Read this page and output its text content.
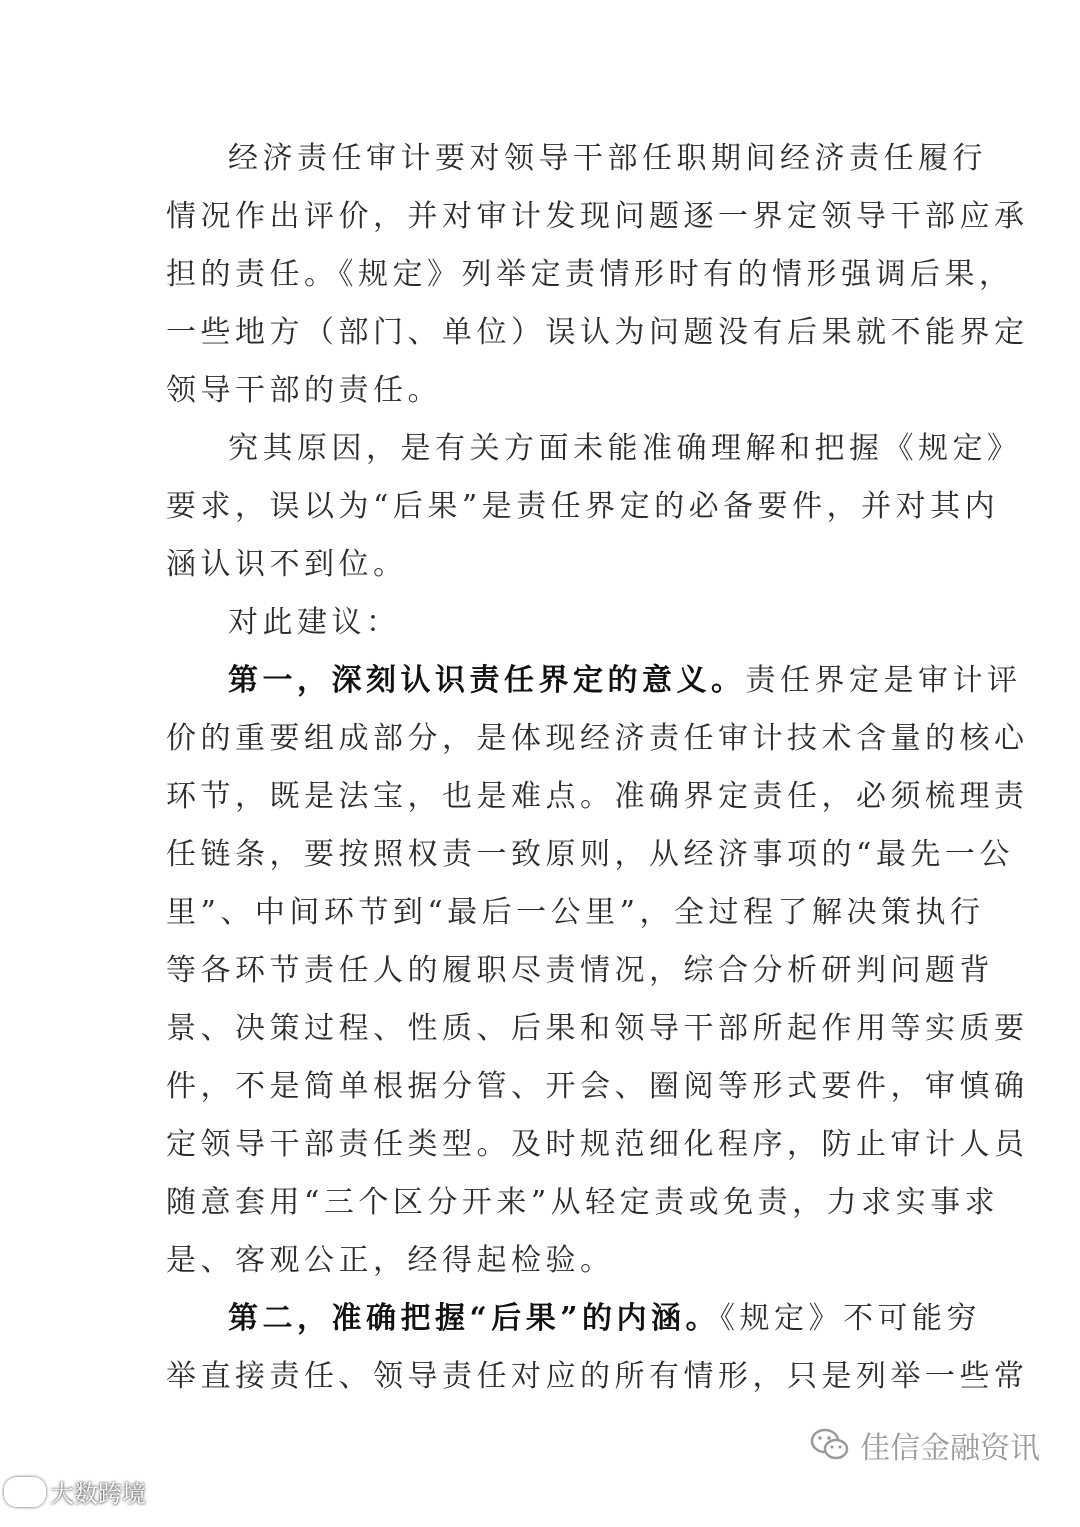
经济责任审计要对领导干部任职期间经济责任履行
情况作出评价，并对审计发现问题逐一界定领导干部应承
担的责任。《规定》列举定责情形时有的情形强调后果，
一些地方（部门、单位）误认为问题没有后果就不能界定
领导干部的责任。
究其原因，是有关方面未能准确理解和把握《规定》
要求，误以为“后果”是责任界定的必备要件，并对其内
涵认识不到位。
对此建议：
第一，深刻认识责任界定的意义。责任界定是审计评
价的重要组成部分，是体现经济责任审计技术含量的核心
环节，既是法宝，也是难点。准确界定责任，必须梳理责
任链条，要按照权责一致原则，从经济事项的“最先一公
里”、中间环节到“最后一公里”，全过程了解决策执行
等各环节责任人的履职尽责情况，综合分析研判问题背
景、决策过程、性质、后果和领导干部所起作用等实质要
件，不是简单根据分管、开会、圈阅等形式要件，审慎确
定领导干部责任类型。及时规范细化程序，防止审计人员
随意套用“三个区分开来”从轻定责或免责，力求实事求
是、客观公正，经得起检验。
第二，准确把握“后果”的内涵。《规定》不可能穷
举直接责任、领导责任对应的所有情形，只是列举一些常
大数跨境
佳信金融资讯
